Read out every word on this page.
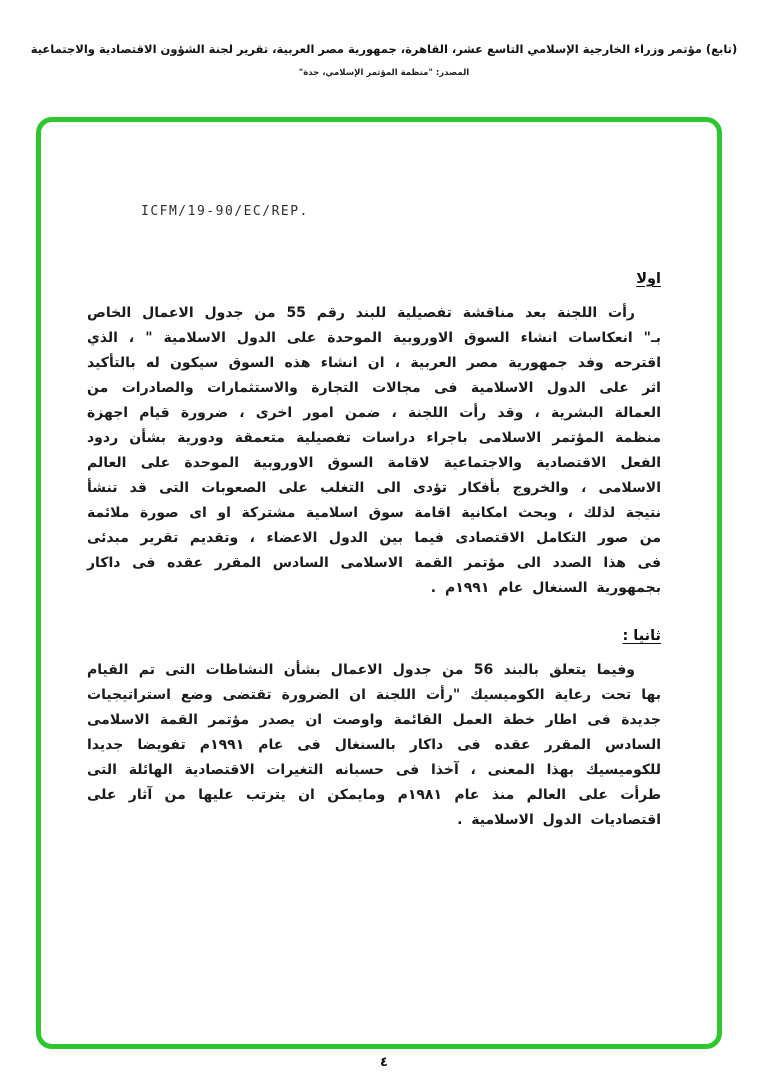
(تابع) مؤتمر وزراء الخارجية الإسلامي التاسع عشر، القاهرة، جمهورية مصر العربية، تقرير لجنة الشؤون الاقتصادية والاجتماعية
المصدر: "منظمة المؤتمر الإسلامي، جدة"
ICFM/19-90/EC/REP.
اولا

رأت اللجنة بعد مناقشة تفصيلية للبند رقم 55 من جدول الاعمال الخاص بـ" انعكاسات انشاء السوق الاوروبية الموحدة على الدول الاسلامية " ، الذي اقترحه وفد جمهورية مصر العربية ، ان انشاء هذه السوق سيكون له بالتأكيد اثر على الدول الاسلامية فى مجالات التجارة والاستثمارات والصادرات من العمالة البشرية ، وقد رأت اللجنة ، ضمن امور اخرى ، ضرورة قيام اجهزة منظمة المؤتمر الاسلامى باجراء دراسات تفصيلية متعمقة ودورية بشأن ردود الفعل الاقتصادية والاجتماعية لاقامة السوق الاوروبية الموحدة على العالم الاسلامى ، والخروج بأفكار تؤدى الى التغلب على الصعوبات التى قد تنشأ نتيجة لذلك ، وبحث امكانية اقامة سوق اسلامية مشتركة او اى صورة ملائمة من صور التكامل الاقتصادى فيما بين الدول الاعضاء ، وتقديم تقرير مبدئى فى هذا الصدد الى مؤتمر القمة الاسلامى السادس المقرر عقده فى داكار بجمهورية السنغال عام ١٩٩١م .

ثانيا :

وفيما يتعلق بالبند 56 من جدول الاعمال بشأن النشاطات التى تم القيام بها تحت رعاية الكوميسيك "رأت اللجنة ان الضرورة تقتضى وضع استراتيجيات جديدة فى اطار خطة العمل القائمة واوصت ان يصدر مؤتمر القمة الاسلامى السادس المقرر عقده فى داكار بالسنغال فى عام ١٩٩١م تفويضا جديدا للكوميسيك بهذا المعنى ، آخذا فى حسبانه التغيرات الاقتصادية الهائلة التى طرأت على العالم منذ عام ١٩٨١م ومايمكن ان يترتب عليها من آثار على اقتصاديات الدول الاسلامية .

٤
